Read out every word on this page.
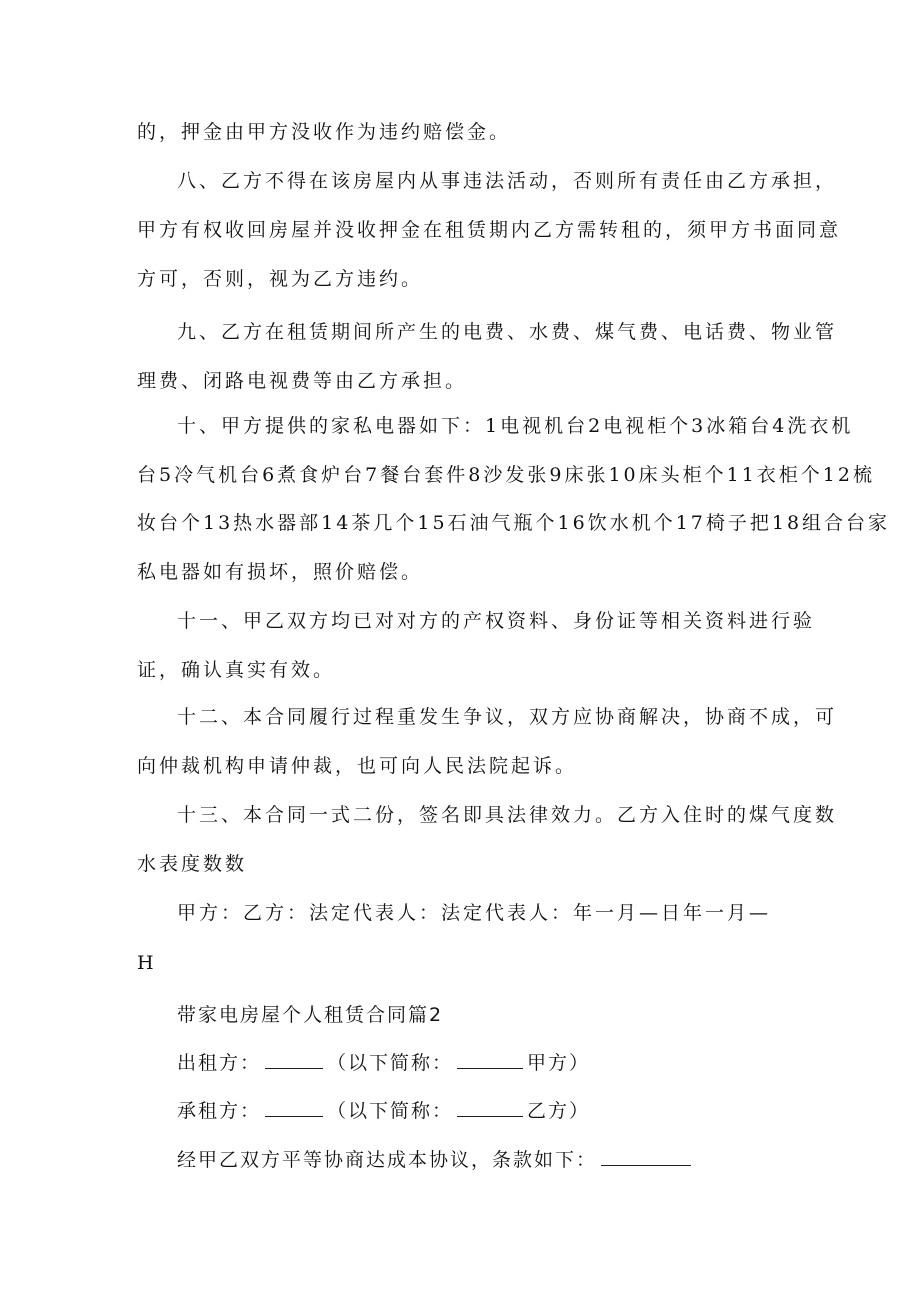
的，押金由甲方没收作为违约赔偿金。
八、乙方不得在该房屋内从事违法活动，否则所有责任由乙方承担，
甲方有权收回房屋并没收押金在租赁期内乙方需转租的，须甲方书面同意
方可，否则，视为乙方违约。
九、乙方在租赁期间所产生的电费、水费、煤气费、电话费、物业管
理费、闭路电视费等由乙方承担。
十、甲方提供的家私电器如下：1电视机台2电视柜个3冰箱台4洗衣机
台5冷气机台6煮食炉台7餐台套件8沙发张9床张10床头柜个11衣柜个12梳
妆台个13热水器部14茶几个15石油气瓶个16饮水机个17椅子把18组合台家
私电器如有损坏，照价赔偿。
十一、甲乙双方均已对对方的产权资料、身份证等相关资料进行验
证，确认真实有效。
十二、本合同履行过程重发生争议，双方应协商解决，协商不成，可
向仲裁机构申请仲裁，也可向人民法院起诉。
十三、本合同一式二份，签名即具法律效力。乙方入住时的煤气度数
水表度数数
甲方：乙方：法定代表人：法定代表人：年一月—日年一月—
H
带家电房屋个人租赁合同篇2
出租方：	（以下简称：	甲方）
承租方：	（以下简称：	乙方）
经甲乙双方平等协商达成本协议，条款如下：
